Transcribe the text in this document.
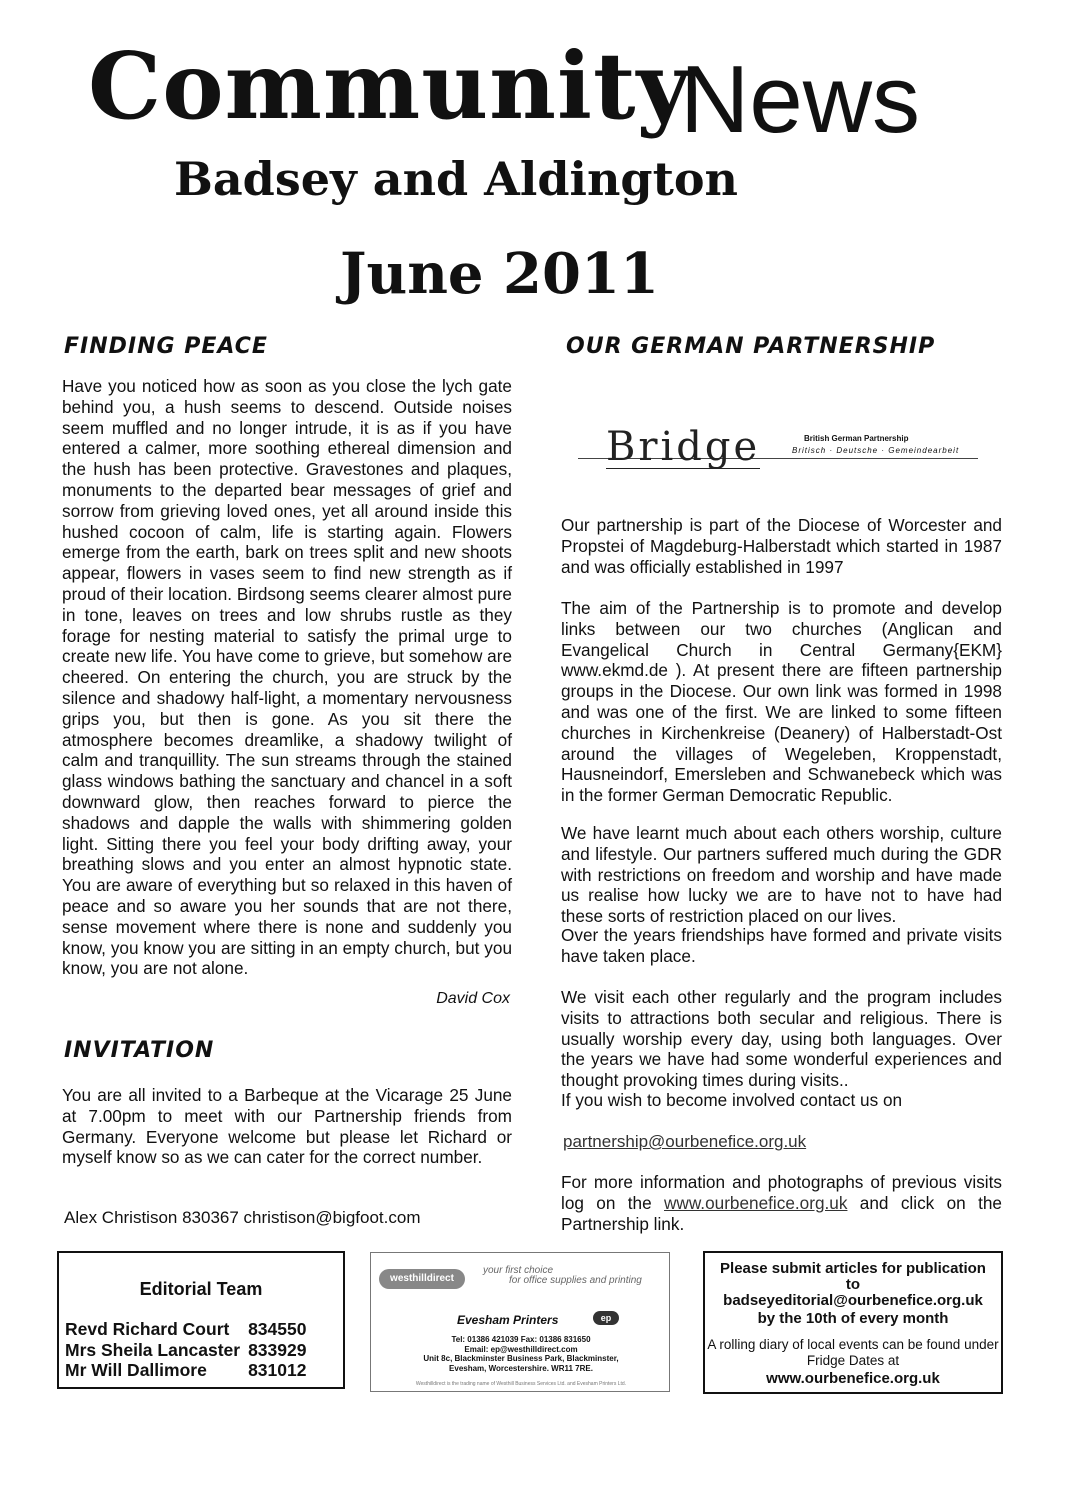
Community
News
Badsey and Aldington
June 2011
FINDING PEACE

Have you noticed how as soon as you close the lych gate behind you, a hush seems to descend. Outside noises seem muffled and no longer intrude, it is as if you have entered a calmer, more soothing ethereal dimension and the hush has been protective. Gravestones and plaques, monuments to the departed bear messages of grief and sorrow from grieving loved ones, yet all around inside this hushed cocoon of calm, life is starting again. Flowers emerge from the earth, bark on trees split and new shoots appear, flowers in vases seem to find new strength as if proud of their location. Birdsong seems clearer almost pure in tone, leaves on trees and low shrubs rustle as they forage for nesting material to satisfy the primal urge to create new life. You have come to grieve, but somehow are cheered. On entering the church, you are struck by the silence and shadowy half-light, a momentary nervousness grips you, but then is gone. As you sit there the atmosphere becomes dreamlike, a shadowy twilight of calm and tranquillity. The sun streams through the stained glass windows bathing the sanctuary and chancel in a soft downward glow, then reaches forward to pierce the shadows and dapple the walls with shimmering golden light. Sitting there you feel your body drifting away, your breathing slows and you enter an almost hypnotic state. You are aware of everything but so relaxed in this haven of peace and so aware you her sounds that are not there, sense movement where there is none and suddenly you know, you know you are sitting in an empty church, but you know, you are not alone.

David Cox
INVITATION

You are all invited to a Barbeque at the Vicarage 25 June at 7.00pm to meet with our Partnership friends from Germany. Everyone welcome but please let Richard or myself know so as we can cater for the correct number.

Alex Christison 830367 christison@bigfoot.com
OUR GERMAN PARTNERSHIP
Bridge	British German Partnership
Britisch · Deutsche · Gemeindearbeit

Our partnership is part of the Diocese of Worcester and Propstei of Magdeburg-Halberstadt which started in 1987 and was officially established in 1997

The aim of the Partnership is to promote and develop links between our two churches (Anglican and Evangelical Church in Central Germany{EKM} www.ekmd.de ). At present there are fifteen partnership groups in the Diocese. Our own link was formed in 1998 and was one of the first. We are linked to some fifteen churches in Kirchenkreise (Deanery) of Halberstadt-Ost around the villages of Wegeleben, Kroppenstadt, Hausneindorf, Emersleben and Schwanebeck which was in the former German Democratic Republic.

We have learnt much about each others worship, culture and lifestyle. Our partners suffered much during the GDR with restrictions on freedom and worship and have made us realise how lucky we are to have not to have had these sorts of restriction placed on our lives.

Over the years friendships have formed and private visits have taken place.

We visit each other regularly and the program includes visits to attractions both secular and religious. There is usually worship every day, using both languages. Over the years we have had some wonderful experiences and thought provoking times during visits..

If you wish to become involved contact us on

partnership@ourbenefice.org.uk

For more information and photographs of previous visits log on the www.ourbenefice.org.uk and click on the Partnership link.

Editorial Team
Revd Richard Court	834550
Mrs Sheila Lancaster	833929
Mr Will Dallimore	831012
westhilldirect
your first choice
for office supplies and printing
Evesham Printers	ep
Tel: 01386 421039 Fax: 01386 831650
Email: ep@westhilldirect.com
Unit 8c, Blackminster Business Park, Blackminster,
Evesham, Worcestershire. WR11 7RE.
Westhilldirect is the trading name of Westhill Business Services Ltd. and Evesham Printers Ltd.
Please submit articles for publication
to
badseyeditorial@ourbenefice.org.uk
by the 10th of every month
A rolling diary of local events can be found under Fridge Dates at
www.ourbenefice.org.uk
